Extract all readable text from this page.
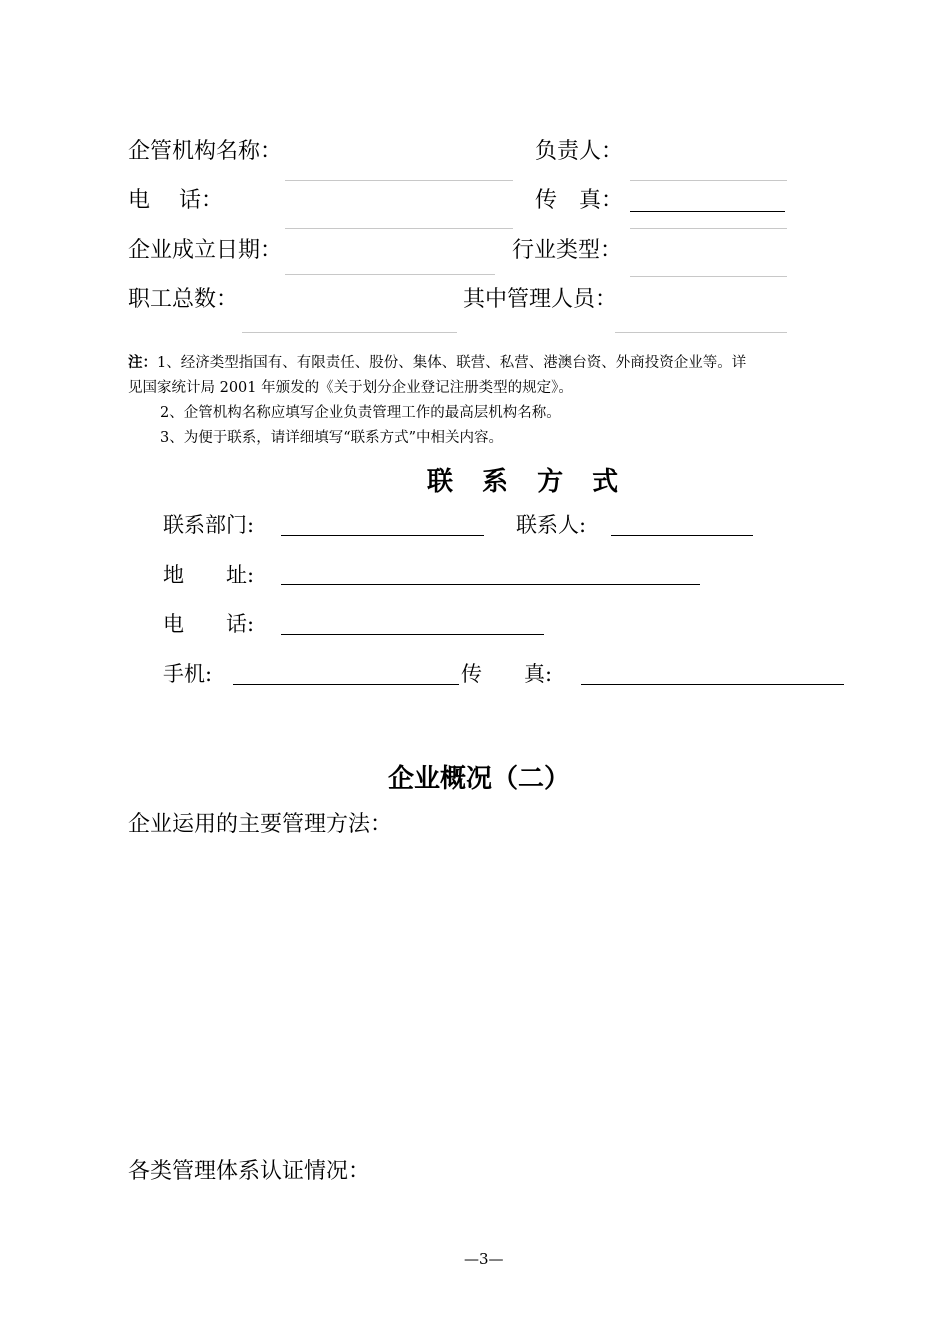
企管机构名称：	负责人：
电　 话：	传　真：
企业成立日期：	行业类型：
职工总数：	其中管理人员：
注：1、经济类型指国有、有限责任、股份、集体、联营、私营、港澳台资、外商投资企业等。详
见国家统计局 2001 年颁发的《关于划分企业登记注册类型的规定》。
2、企管机构名称应填写企业负责管理工作的最高层机构名称。
3、为便于联系，请详细填写“联系方式”中相关内容。
联 系 方 式
联系部门:	联系人:
地　　址:
电　　话:
手机:	传　　真:
企业概况（二）
企业运用的主要管理方法：
各类管理体系认证情况：
—3—
